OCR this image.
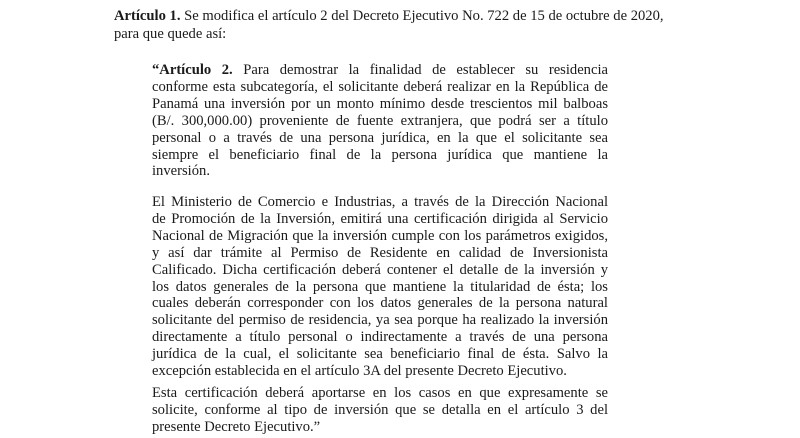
Artículo 1. Se modifica el artículo 2 del Decreto Ejecutivo No. 722 de 15 de octubre de 2020,

para que quede así:

“Artículo 2. Para demostrar la finalidad de establecer su residencia

conforme esta subcategoría, el solicitante deberá realizar en la República de

Panamá una inversión por un monto mínimo desde trescientos mil balboas

(B/. 300,000.00) proveniente de fuente extranjera, que podrá ser a título

personal o a través de una persona jurídica, en la que el solicitante sea

siempre el beneficiario final de la persona jurídica que mantiene la

inversión.

El Ministerio de Comercio e Industrias, a través de la Dirección Nacional

de Promoción de la Inversión, emitirá una certificación dirigida al Servicio

Nacional de Migración que la inversión cumple con los parámetros exigidos,

y así dar trámite al Permiso de Residente en calidad de Inversionista

Calificado. Dicha certificación deberá contener el detalle de la inversión y

los datos generales de la persona que mantiene la titularidad de ésta; los

cuales deberán corresponder con los datos generales de la persona natural

solicitante del permiso de residencia, ya sea porque ha realizado la inversión

directamente a título personal o indirectamente a través de una persona

jurídica de la cual, el solicitante sea beneficiario final de ésta. Salvo la

excepción establecida en el artículo 3A del presente Decreto Ejecutivo.

Esta certificación deberá aportarse en los casos en que expresamente se

solicite, conforme al tipo de inversión que se detalla en el artículo 3 del

presente Decreto Ejecutivo.”
